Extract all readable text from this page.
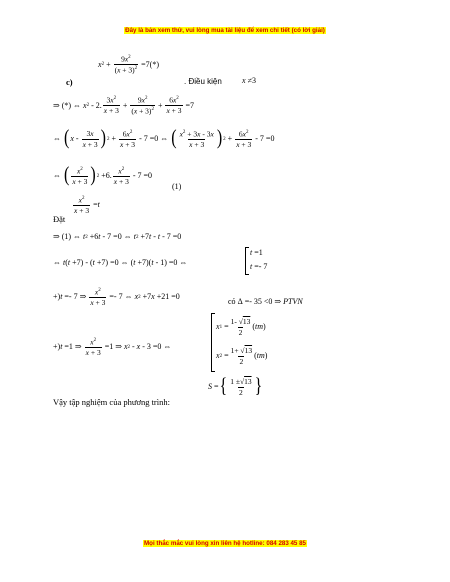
Đây là bản xem thử, vui lòng mua tài liệu để xem chi tiết (có lời giải)
x $2 + \frac{9x^2}{(x + 3)^2} =7$ (*)
c)	. Điều kiện	x ≠3
⇒ (*) ⇔ x 2 - 2. $\frac{3x^2}{x + 3} + \frac{9x^2}{(x + 3)^2} + \frac{6x^2}{x + 3} =7$
⇔ ( x - $\frac{3x}{x + 3}$ ) $2 + \frac{6x^2}{x + 3} - 7 =0$ ⇔ ( $\frac{x^2 + 3x - 3x}{x + 3}$ ) $2 + \frac{6x^2}{x + 3} - 7 =0$
⇔ ( $\frac{x^2}{x + 3}$ ) 2 +6. $\frac{x^2}{x + 3} - 7 =0$
(1)
$\frac{x^2}{x + 3} = t$
Đặt
⇒ (1) ⇔ t 2 +6 t - 7 =0 ⇔ t 2 +7 t - t - 7 =0
⇔ t ( t +7) - ( t +7) =0 ⇔ ( t +7)( t - 1) =0 ⇔
t =1
t =- 7
+) t =- 7 ⇒ $\frac{x^2}{x + 3} =- 7$ ⇔ x 2 +7 x +21 =0
có Δ =- 35 <0 ⇒ PTVN
+) t =1 ⇒ $\frac{x^2}{x + 3} =1$ ⇒ x 2 - x - 3 =0 ⇔
x $1 = \frac{1- √13}{2}$ ( tm )
x $2 = \frac{1+ √13}{2}$ ( tm )
S = { $\frac{1 \pm√13}{2}$ }
Vậy tập nghiệm của phương trình:
Mọi thắc mắc vui lòng xin liên hệ hotline: 084 283 45 85
